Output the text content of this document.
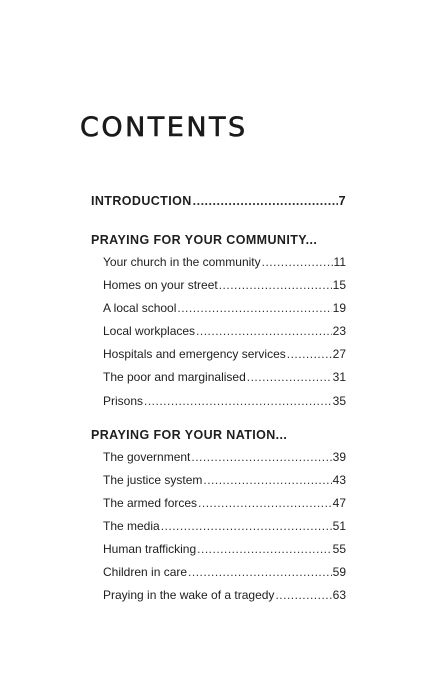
CONTENTS
INTRODUCTION .....	7
PRAYING FOR YOUR COMMUNITY...
Your church in the community .....	11
Homes on your street .....	15
A local school .....	19
Local workplaces .....	23
Hospitals and emergency services .....	27
The poor and marginalised .....	31
Prisons .....	35
PRAYING FOR YOUR NATION...
The government .....	39
The justice system .....	43
The armed forces .....	47
The media .....	51
Human trafficking .....	55
Children in care .....	59
Praying in the wake of a tragedy .....	63
